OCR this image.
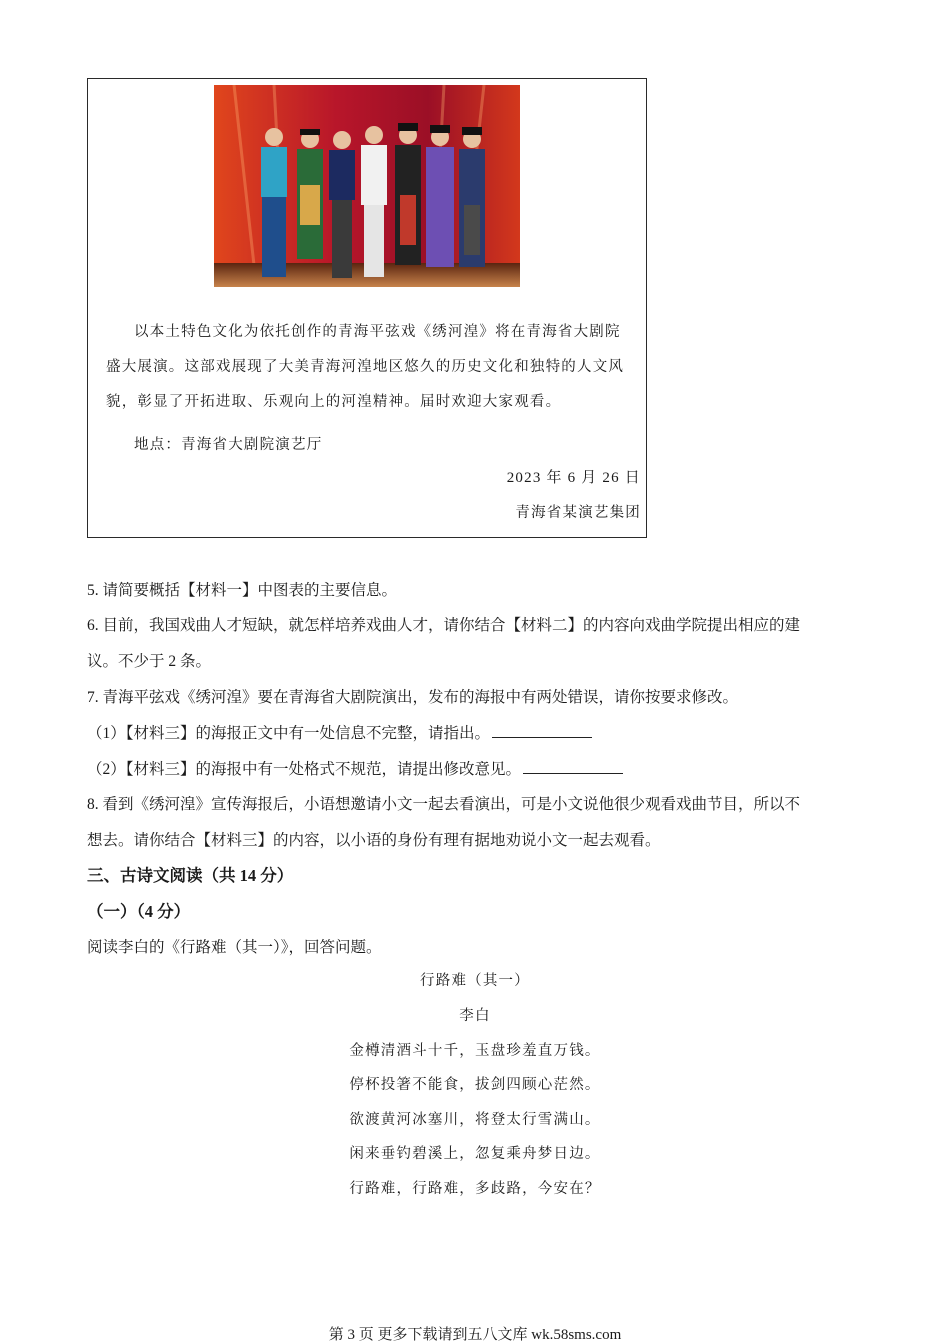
以本土特色文化为依托创作的青海平弦戏《绣河湟》将在青海省大剧院盛大展演。这部戏展现了大美青海河湟地区悠久的历史文化和独特的人文风貌，彰显了开拓进取、乐观向上的河湟精神。届时欢迎大家观看。
地点：青海省大剧院演艺厅
2023 年 6 月 26 日
青海省某演艺集团
5. 请简要概括【材料一】中图表的主要信息。
6. 目前，我国戏曲人才短缺，就怎样培养戏曲人才，请你结合【材料二】的内容向戏曲学院提出相应的建
议。不少于 2 条。
7. 青海平弦戏《绣河湟》要在青海省大剧院演出，发布的海报中有两处错误，请你按要求修改。
（1）【材料三】的海报正文中有一处信息不完整，请指出。
（2）【材料三】的海报中有一处格式不规范，请提出修改意见。
8. 看到《绣河湟》宣传海报后，小语想邀请小文一起去看演出，可是小文说他很少观看戏曲节目，所以不
想去。请你结合【材料三】的内容，以小语的身份有理有据地劝说小文一起去观看。
三、古诗文阅读（共 14 分）
（一）（4 分）
阅读李白的《行路难（其一）》，回答问题。
行路难（其一）
李白
金樽清酒斗十千，玉盘珍羞直万钱。
停杯投箸不能食，拔剑四顾心茫然。
欲渡黄河冰塞川，将登太行雪满山。
闲来垂钓碧溪上，忽复乘舟梦日边。
行路难，行路难，多歧路，今安在？
第 3 页 更多下载请到五八文库 wk.58sms.com
